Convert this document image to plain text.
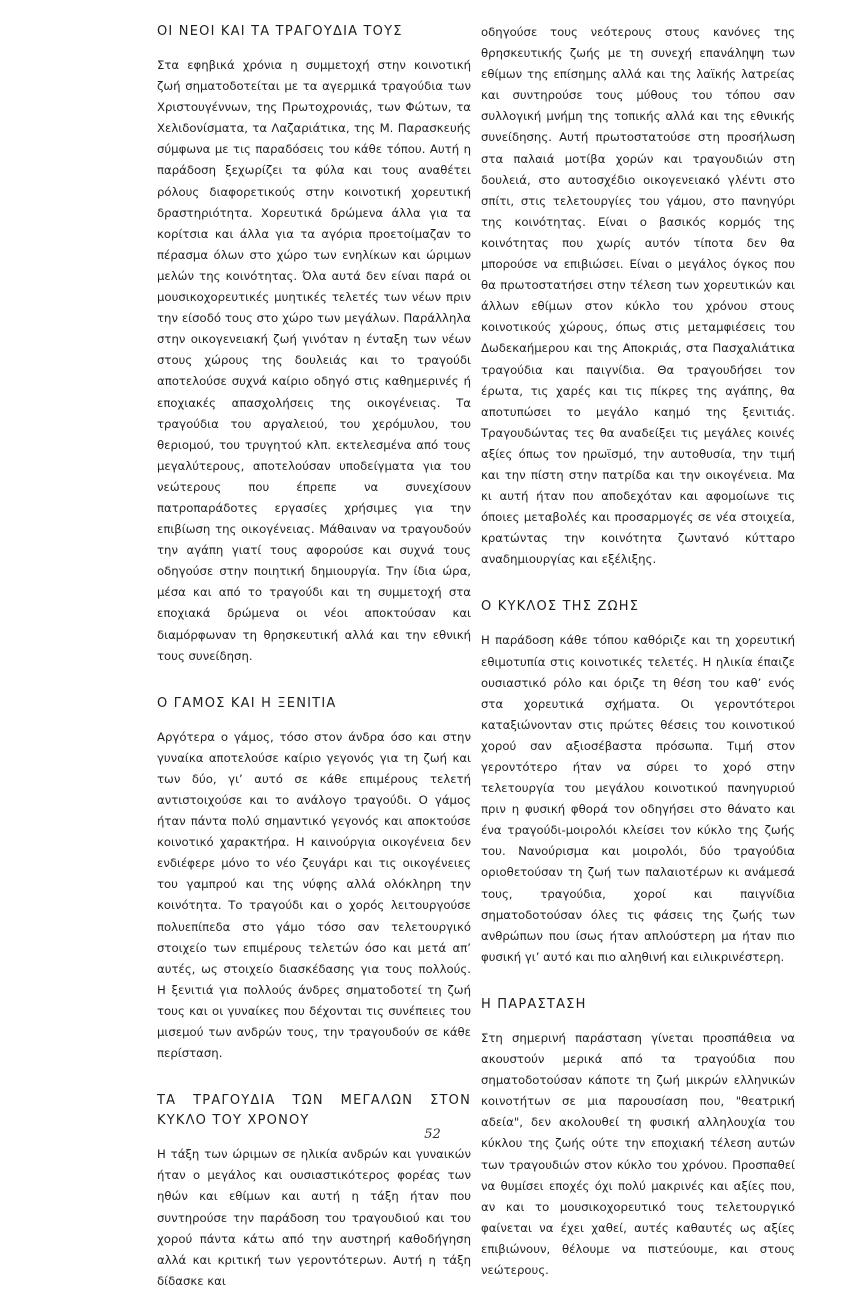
ΟΙ ΝΕΟΙ ΚΑΙ ΤΑ ΤΡΑΓΟΥΔΙΑ ΤΟΥΣ

Στα εφηβικά χρόνια η συμμετοχή στην κοινοτική ζωή σηματοδοτείται με τα αγερμικά τραγούδια των Χριστουγέννων, της Πρωτοχρονιάς, των Φώτων, τα Χελιδονίσματα, τα Λαζαριάτικα, της Μ. Παρασκευής σύμφωνα με τις παραδόσεις του κάθε τόπου. Αυτή η παράδοση ξεχωρίζει τα φύλα και τους αναθέτει ρόλους διαφορετικούς στην κοινοτική χορευτική δραστηριότητα. Χορευτικά δρώμενα άλλα για τα κορίτσια και άλλα για τα αγόρια προετοίμαζαν το πέρασμα όλων στο χώρο των ενηλίκων και ώριμων μελών της κοινότητας. Όλα αυτά δεν είναι παρά οι μουσικοχορευτικές μυητικές τελετές των νέων πριν την είσοδό τους στο χώρο των μεγάλων. Παράλληλα στην οικογενειακή ζωή γινόταν η ένταξη των νέων στους χώρους της δουλειάς και το τραγούδι αποτελούσε συχνά καίριο οδηγό στις καθημερινές ή εποχιακές απασχολήσεις της οικογένειας. Τα τραγούδια του αργαλειού, του χερόμυλου, του θεριομού, του τρυγητού κλπ. εκτελεσμένα από τους μεγαλύτερους, αποτελούσαν υποδείγματα για του νεώτερους που έπρεπε να συνεχίσουν πατροπαράδοτες εργασίες χρήσιμες για την επιβίωση της οικογένειας. Μάθαιναν να τραγουδούν την αγάπη γιατί τους αφορούσε και συχνά τους οδηγούσε στην ποιητική δημιουργία. Την ίδια ώρα, μέσα και από το τραγούδι και τη συμμετοχή στα εποχιακά δρώμενα οι νέοι αποκτούσαν και διαμόρφωναν τη θρησκευτική αλλά και την εθνική τους συνείδηση.

Ο ΓΑΜΟΣ ΚΑΙ Η ΞΕΝΙΤΙΑ

Αργότερα ο γάμος, τόσο στον άνδρα όσο και στην γυναίκα αποτελούσε καίριο γεγονός για τη ζωή και των δύο, γι’ αυτό σε κάθε επιμέρους τελετή αντιστοιχούσε και το ανάλογο τραγούδι. Ο γάμος ήταν πάντα πολύ σημαντικό γεγονός και αποκτούσε κοινοτικό χαρακτήρα. Η καινούργια οικογένεια δεν ενδιέφερε μόνο το νέο ζευγάρι και τις οικογένειες του γαμπρού και της νύφης αλλά ολόκληρη την κοινότητα. Το τραγούδι και ο χορός λειτουργούσε πολυεπίπεδα στο γάμο τόσο σαν τελετουργικό στοιχείο των επιμέρους τελετών όσο και μετά απ’ αυτές, ως στοιχείο διασκέδασης για τους πολλούς. Η ξενιτιά για πολλούς άνδρες σηματοδοτεί τη ζωή τους και οι γυναίκες που δέχονται τις συνέπειες του μισεμού των ανδρών τους, την τραγουδούν σε κάθε περίσταση.

ΤΑ ΤΡΑΓΟΥΔΙΑ ΤΩΝ ΜΕΓΑΛΩΝ ΣΤΟΝ ΚΥΚΛΟ ΤΟΥ ΧΡΟΝΟΥ

Η τάξη των ώριμων σε ηλικία ανδρών και γυναικών ήταν ο μεγάλος και ουσιαστικότερος φορέας των ηθών και εθίμων και αυτή η τάξη ήταν που συντηρούσε την παράδοση του τραγουδιού και του χορού πάντα κάτω από την αυστηρή καθοδήγηση αλλά και κριτική των γεροντότερων. Αυτή η τάξη δίδασκε και

οδηγούσε τους νεότερους στους κανόνες της θρησκευτικής ζωής με τη συνεχή επανάληψη των εθίμων της επίσημης αλλά και της λαϊκής λατρείας και συντηρούσε τους μύθους του τόπου σαν συλλογική μνήμη της τοπικής αλλά και της εθνικής συνείδησης. Αυτή πρωτοστατούσε στη προσήλωση στα παλαιά μοτίβα χορών και τραγουδιών στη δουλειά, στο αυτοσχέδιο οικογενειακό γλέντι στο σπίτι, στις τελετουργίες του γάμου, στο πανηγύρι της κοινότητας. Είναι ο βασικός κορμός της κοινότητας που χωρίς αυτόν τίποτα δεν θα μπορούσε να επιβιώσει. Είναι ο μεγάλος όγκος που θα πρωτοστατήσει στην τέλεση των χορευτικών και άλλων εθίμων στον κύκλο του χρόνου στους κοινοτικούς χώρους, όπως στις μεταμφιέσεις του Δωδεκαήμερου και της Αποκριάς, στα Πασχαλιάτικα τραγούδια και παιγνίδια. Θα τραγουδήσει τον έρωτα, τις χαρές και τις πίκρες της αγάπης, θα αποτυπώσει το μεγάλο καημό της ξενιτιάς. Τραγουδώντας τες θα αναδείξει τις μεγάλες κοινές αξίες όπως τον ηρωϊσμό, την αυτοθυσία, την τιμή και την πίστη στην πατρίδα και την οικογένεια. Μα κι αυτή ήταν που αποδεχόταν και αφομοίωνε τις όποιες μεταβολές και προσαρμογές σε νέα στοιχεία, κρατώντας την κοινότητα ζωντανό κύτταρο αναδημιουργίας και εξέλιξης.

Ο ΚΥΚΛΟΣ ΤΗΣ ΖΩΗΣ

Η παράδοση κάθε τόπου καθόριζε και τη χορευτική εθιμοτυπία στις κοινοτικές τελετές. Η ηλικία έπαιζε ουσιαστικό ρόλο και όριζε τη θέση του καθ’ ενός στα χορευτικά σχήματα. Οι γεροντότεροι καταξιώνονταν στις πρώτες θέσεις του κοινοτικού χορού σαν αξιοσέβαστα πρόσωπα. Τιμή στον γεροντότερο ήταν να σύρει το χορό στην τελετουργία του μεγάλου κοινοτικού πανηγυριού πριν η φυσική φθορά τον οδηγήσει στο θάνατο και ένα τραγούδι-μοιρολόι κλείσει τον κύκλο της ζωής του. Νανούρισμα και μοιρολόι, δύο τραγούδια οριοθετούσαν τη ζωή των παλαιοτέρων κι ανάμεσά τους, τραγούδια, χοροί και παιγνίδια σηματοδοτούσαν όλες τις φάσεις της ζωής των ανθρώπων που ίσως ήταν απλούστερη μα ήταν πιο φυσική γι’ αυτό και πιο αληθινή και ειλικρινέστερη.

Η ΠΑΡΑΣΤΑΣΗ

Στη σημερινή παράσταση γίνεται προσπάθεια να ακουστούν μερικά από τα τραγούδια που σηματοδοτούσαν κάποτε τη ζωή μικρών ελληνικών κοινοτήτων σε μια παρουσίαση που, "θεατρική αδεία", δεν ακολουθεί τη φυσική αλληλουχία του κύκλου της ζωής ούτε την εποχιακή τέλεση αυτών των τραγουδιών στον κύκλο του χρόνου. Προσπαθεί να θυμίσει εποχές όχι πολύ μακρινές και αξίες που, αν και το μουσικοχορευτικό τους τελετουργικό φαίνεται να έχει χαθεί, αυτές καθαυτές ως αξίες επιβιώνουν, θέλουμε να πιστεύουμε, και στους νεώτερους.

52
